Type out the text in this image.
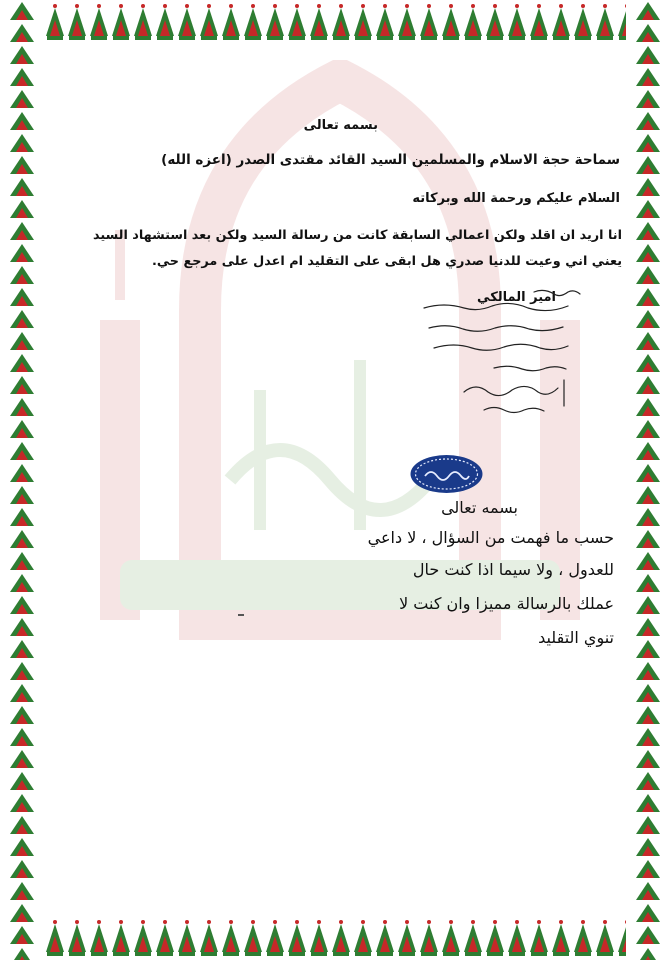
بسمه تعالى
سماحة حجة الاسلام والمسلمين السيد القائد مقتدى الصدر (اعزه الله)
السلام عليكم ورحمة الله وبركاته
انا اريد ان اقلد ولكن اعمالي السابقة كانت من رسالة السيد ولكن بعد استشهاد السيد
يعني اني وعيت للدنيا صدري هل ابقى على التقليد ام اعدل على مرجع حي.
امير المالكي
بسمه تعالى
حسب ما فهمت من السؤال ، لا داعي
للعدول ، ولا سيما اذا كنت حال
عملك بالرسالة مميزا وان كنت لا
تنوي التقليد
